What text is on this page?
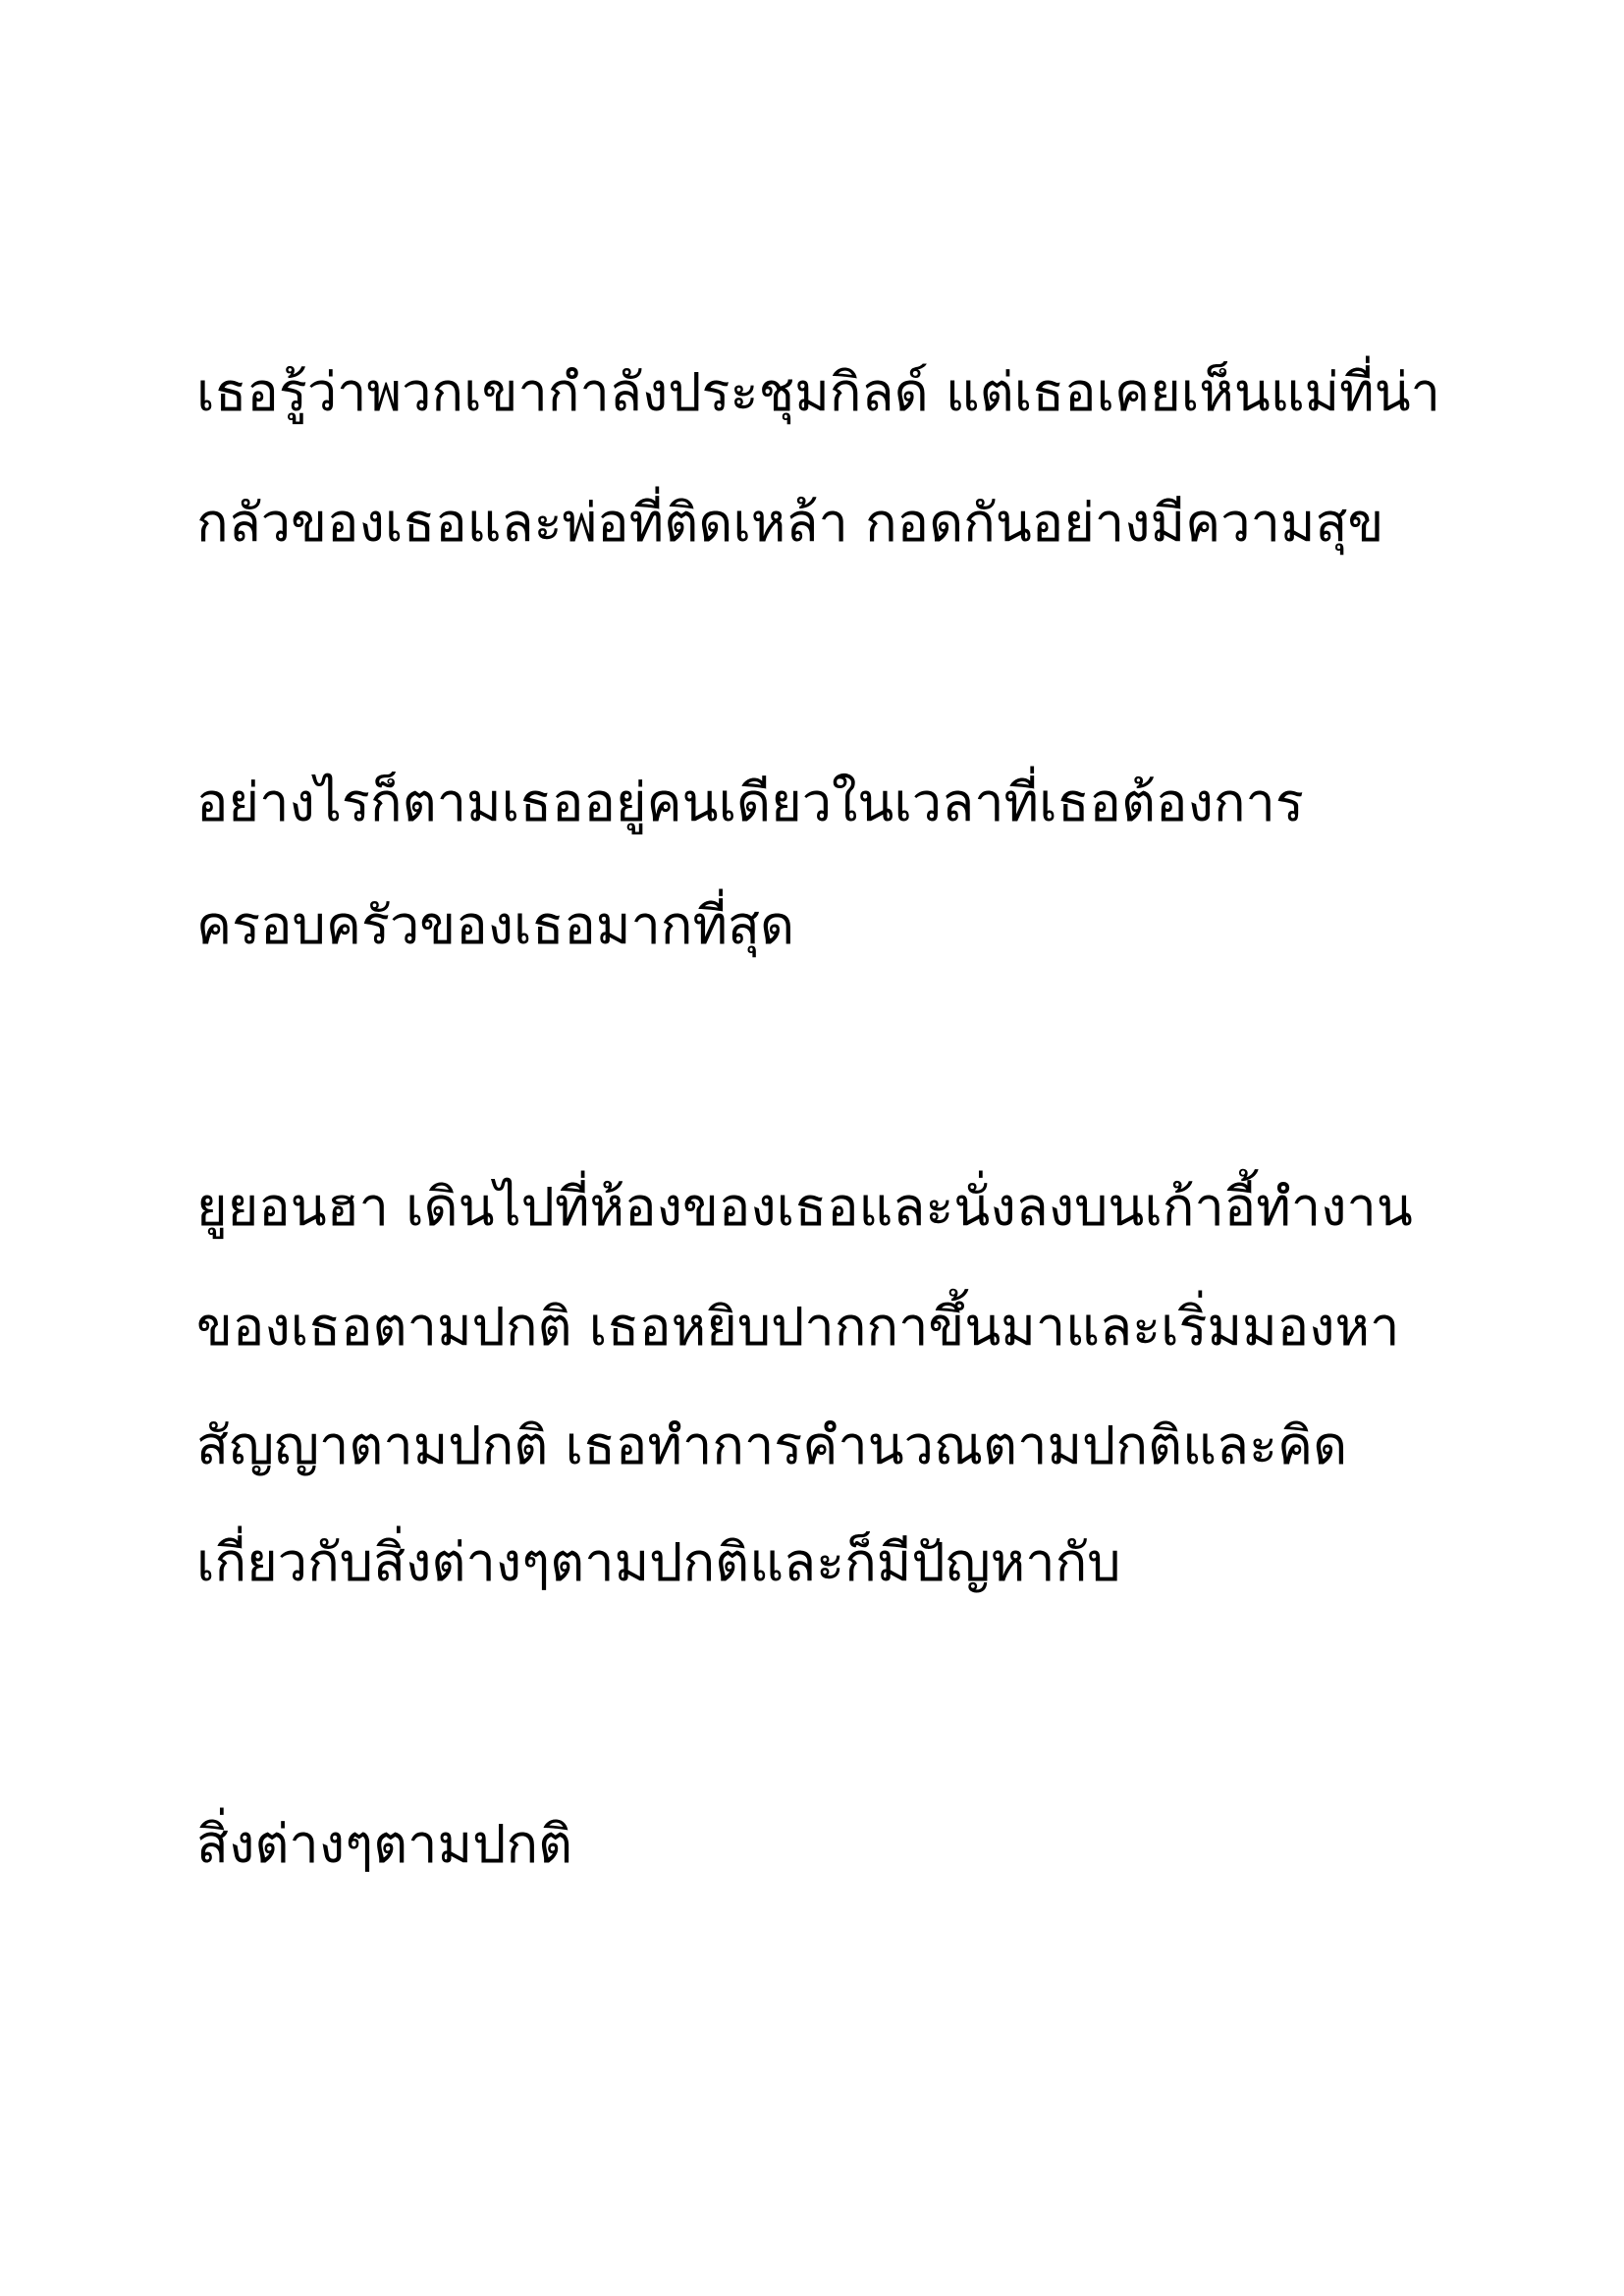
เธอรู้ว่าพวกเขากำลังประชุมกิลด์ แต่เธอเคยเห็นแม่ที่น่า

กลัวของเธอและพ่อที่ติดเหล้า กอดกันอย่างมีความสุข

อย่างไรก็ตามเธออยู่คนเดียวในเวลาที่เธอต้องการ

ครอบครัวของเธอมากที่สุด

ยูยอนฮา เดินไปที่ห้องของเธอและนั่งลงบนเก้าอี้ทำงาน

ของเธอตามปกติ เธอหยิบปากกาขึ้นมาและเริ่มมองหา

สัญญาตามปกติ เธอทำการคำนวณตามปกติและคิด

เกี่ยวกับสิ่งต่างๆตามปกติและก็มีปัญหากับ

สิ่งต่างๆตามปกติ
